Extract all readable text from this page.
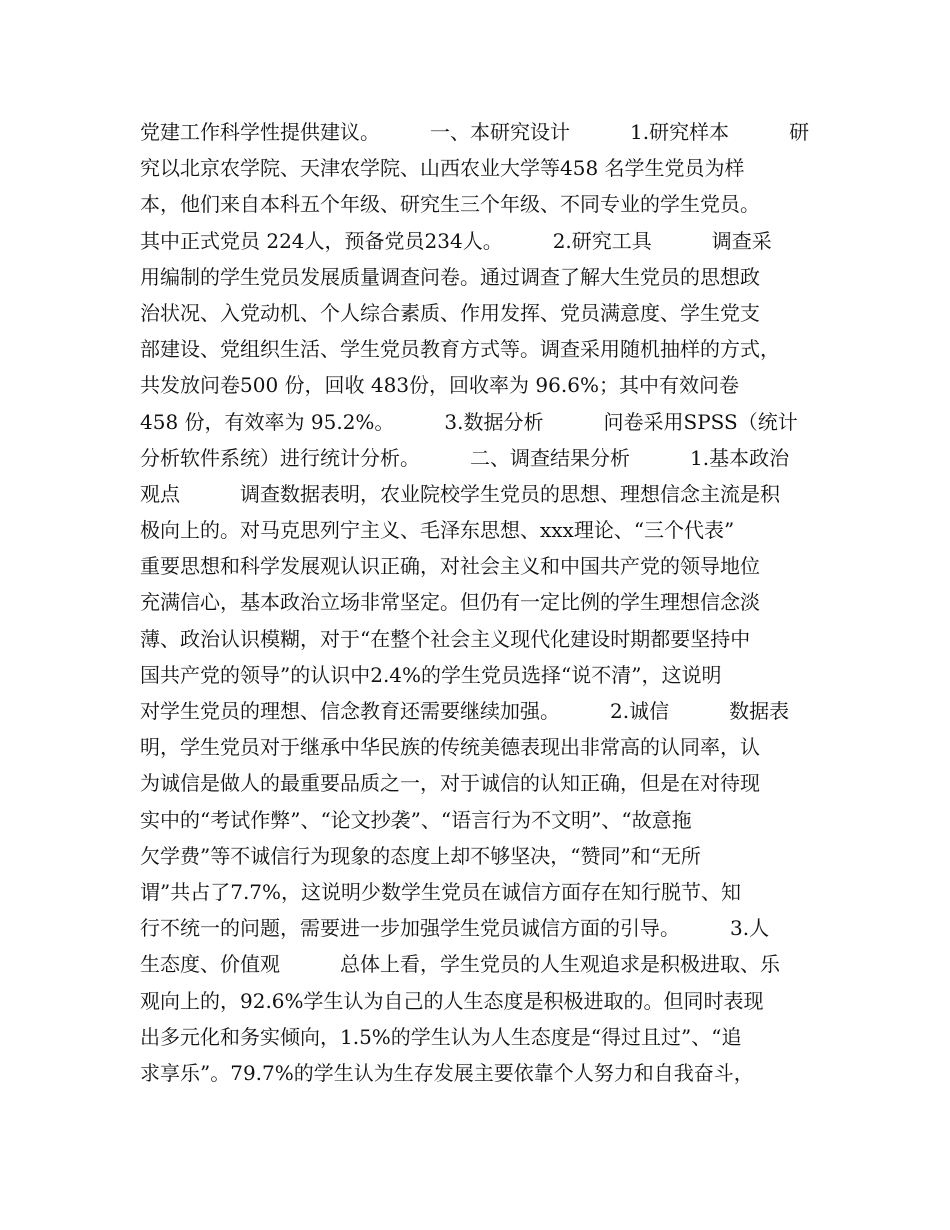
党建工作科学性提供建议。　　　一、本研究设计　　　1.研究样本　　　研
究以北京农学院、天津农学院、山西农业大学等458 名学生党员为样
本，他们来自本科五个年级、研究生三个年级、不同专业的学生党员。
其中正式党员 224人，预备党员234人。　　　2.研究工具　　　调查采
用编制的学生党员发展质量调查问卷。通过调查了解大生党员的思想政
治状况、入党动机、个人综合素质、作用发挥、党员满意度、学生党支
部建设、党组织生活、学生党员教育方式等。调查采用随机抽样的方式，
共发放问卷500 份，回收 483份，回收率为 96.6%；其中有效问卷
458 份，有效率为 95.2%。　　　3.数据分析　　　问卷采用SPSS（统计
分析软件系统）进行统计分析。　　　二、调查结果分析　　　1.基本政治
观点　　　调查数据表明，农业院校学生党员的思想、理想信念主流是积
极向上的。对马克思列宁主义、毛泽东思想、xxx理论、“三个代表”
重要思想和科学发展观认识正确，对社会主义和中国共产党的领导地位
充满信心，基本政治立场非常坚定。但仍有一定比例的学生理想信念淡
薄、政治认识模糊，对于“在整个社会主义现代化建设时期都要坚持中
国共产党的领导”的认识中2.4%的学生党员选择“说不清”，这说明
对学生党员的理想、信念教育还需要继续加强。　　　2.诚信　　　数据表
明，学生党员对于继承中华民族的传统美德表现出非常高的认同率，认
为诚信是做人的最重要品质之一，对于诚信的认知正确，但是在对待现
实中的“考试作弊”、“论文抄袭”、“语言行为不文明”、“故意拖
欠学费”等不诚信行为现象的态度上却不够坚决，“赞同”和“无所
谓”共占了7.7%，这说明少数学生党员在诚信方面存在知行脱节、知
行不统一的问题，需要进一步加强学生党员诚信方面的引导。　　　3.人
生态度、价值观　　　总体上看，学生党员的人生观追求是积极进取、乐
观向上的，92.6%学生认为自己的人生态度是积极进取的。但同时表现
出多元化和务实倾向，1.5%的学生认为人生态度是“得过且过”、“追
求享乐”。79.7%的学生认为生存发展主要依靠个人努力和自我奋斗，
